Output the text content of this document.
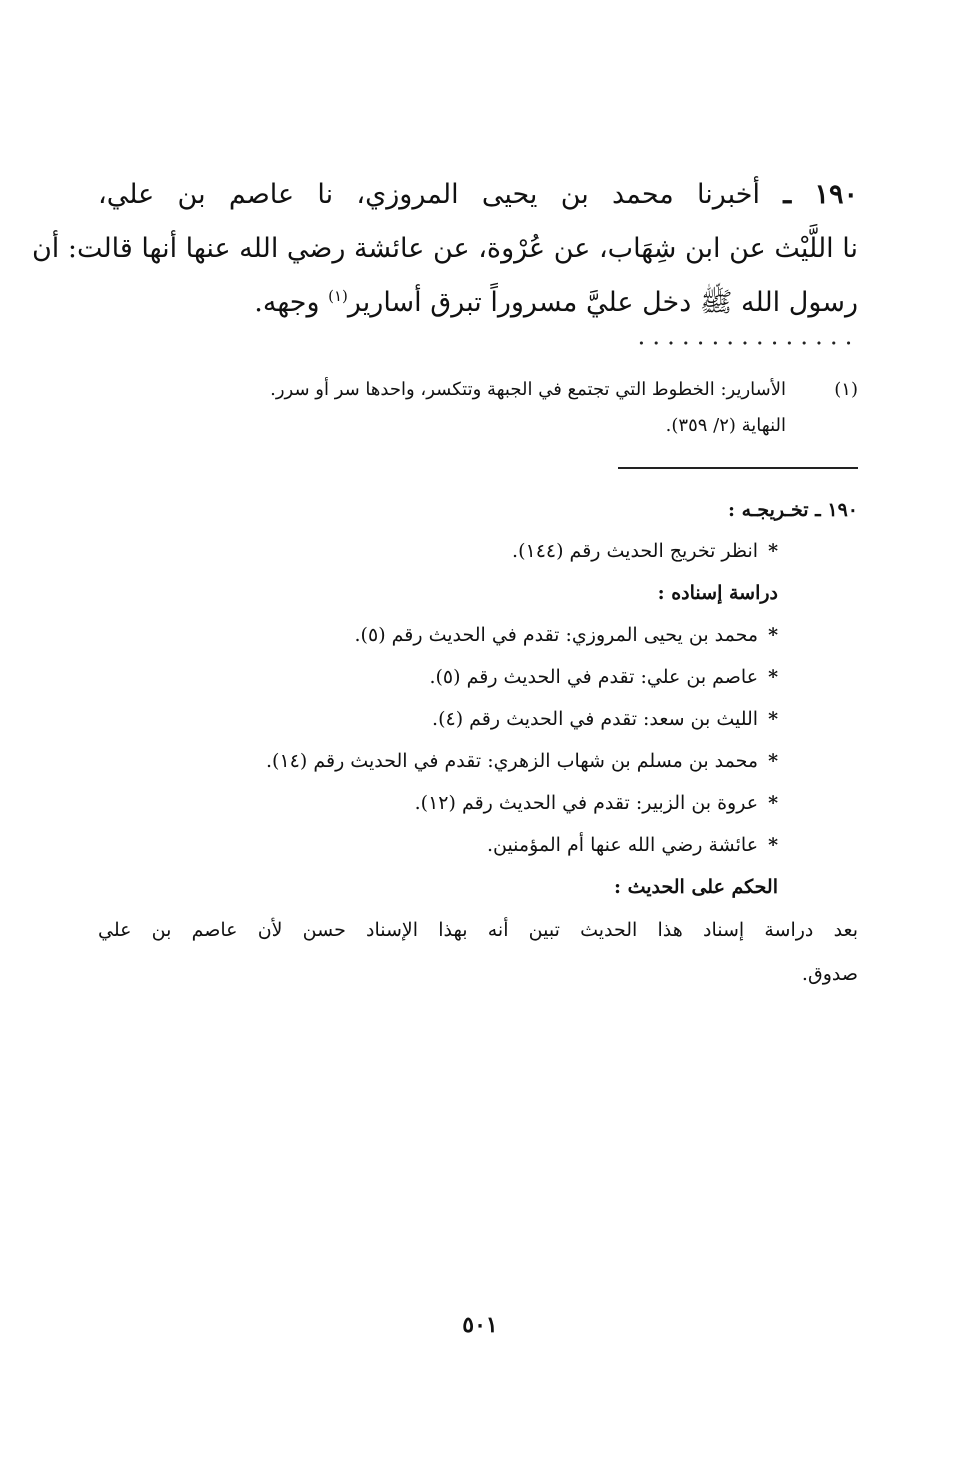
١٩٠ ـ أخبرنا محمد بن يحيى المروزي، نا عاصم بن علي،
نا اللَّيْث عن ابن شِهَاب، عن عُرْوة، عن عائشة رضي الله عنها أنها قالت: أن
رسول الله ﷺ دخل عليَّ مسروراً تبرق أسارير$^{(١)}$ وجهه.
(١)
الأسارير: الخطوط التي تجتمع في الجبهة وتتكسر، واحدها سر أو سرر.
النهاية (٢/ ٣٥٩).
١٩٠ ـ تخـريجـه :
*انظر تخريج الحديث رقم (١٤٤).
دراسة إسناده :
*محمد بن يحيى المروزي: تقدم في الحديث رقم (٥).
*عاصم بن علي: تقدم في الحديث رقم (٥).
*الليث بن سعد: تقدم في الحديث رقم (٤).
*محمد بن مسلم بن شهاب الزهري: تقدم في الحديث رقم (١٤).
*عروة بن الزبير: تقدم في الحديث رقم (١٢).
*عائشة رضي الله عنها أم المؤمنين.
الحكم على الحديث :
بعد دراسة إسناد هذا الحديث تبين أنه بهذا الإسناد حسن لأن عاصم بن علي
صدوق.
٥٠١
